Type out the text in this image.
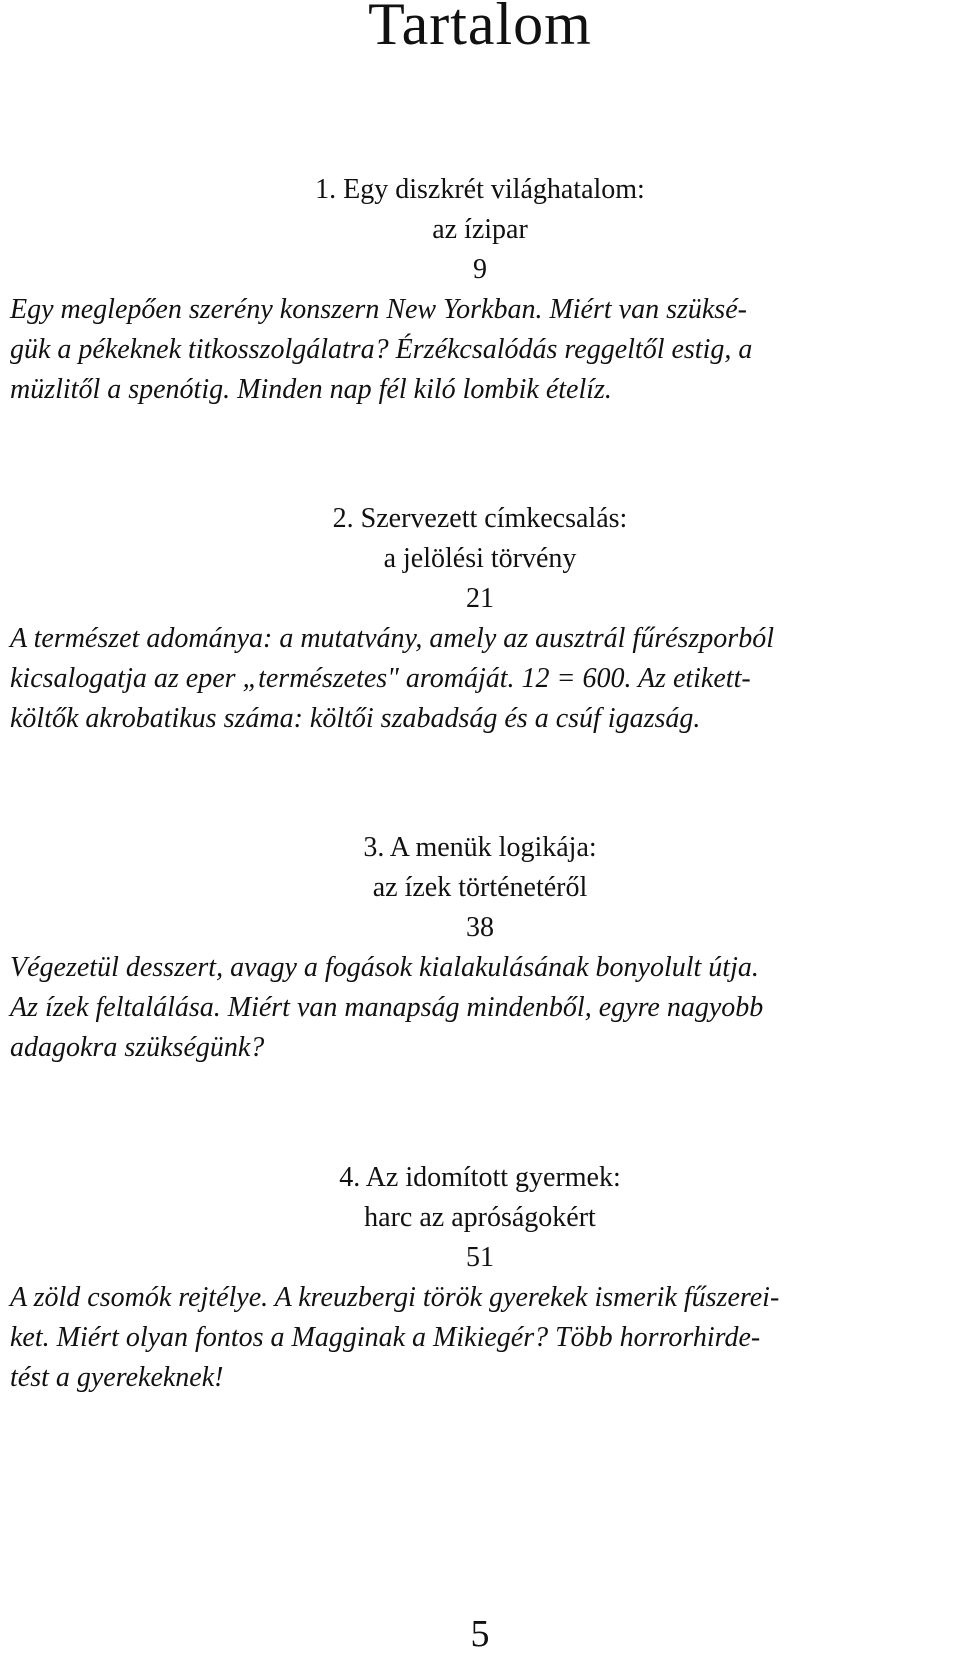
Tartalom
1. Egy diszkrét világhatalom:
az ízipar
9
Egy meglepően szerény konszern New Yorkban. Miért van szüksé-
gük a pékeknek titkosszolgálatra? Érzékcsalódás reggeltől estig, a
müzlitől a spenótig. Minden nap fél kiló lombik ételíz.
2. Szervezett címkecsalás:
a jelölési törvény
21
A természet adománya: a mutatvány, amely az ausztrál fűrészporból
kicsalogatja az eper „természetes" aromáját. 12 = 600. Az etikett-
költők akrobatikus száma: költői szabadság és a csúf igazság.
3. A menük logikája:
az ízek történetéről
38
Végezetül desszert, avagy a fogások kialakulásának bonyolult útja.
Az ízek feltalálása. Miért van manapság mindenből, egyre nagyobb
adagokra szükségünk?
4. Az idomított gyermek:
harc az apróságokért
51
A zöld csomók rejtélye. A kreuzbergi török gyerekek ismerik fűszerei-
ket. Miért olyan fontos a Magginak a Mikiegér? Több horrorhirde-
tést a gyerekeknek!
5
